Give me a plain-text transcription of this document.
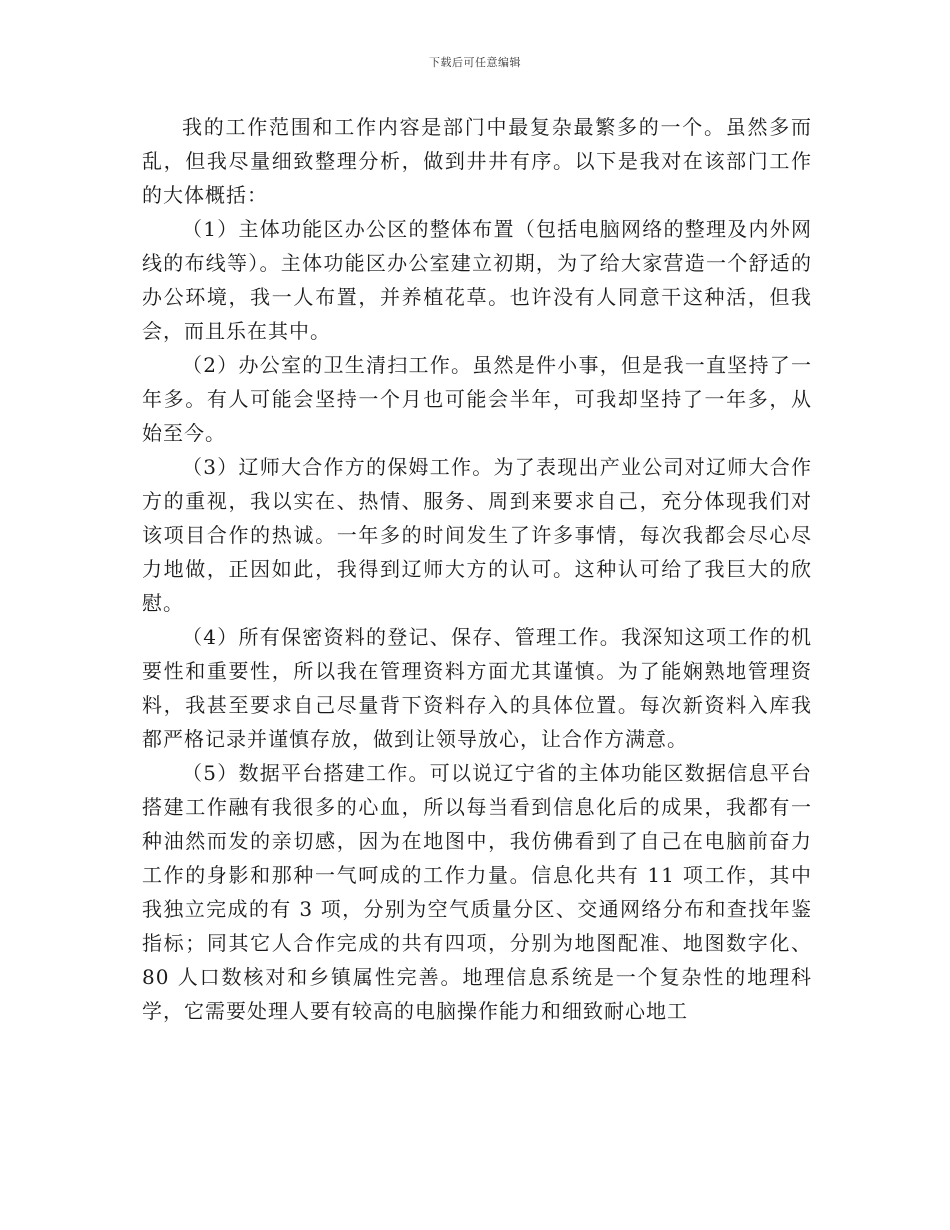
下载后可任意编辑

我的工作范围和工作内容是部门中最复杂最繁多的一个。虽然多而乱，但我尽量细致整理分析，做到井井有序。以下是我对在该部门工作的大体概括：

（1）主体功能区办公区的整体布置（包括电脑网络的整理及内外网线的布线等）。主体功能区办公室建立初期，为了给大家营造一个舒适的办公环境，我一人布置，并养植花草。也许没有人同意干这种活，但我会，而且乐在其中。

（2）办公室的卫生清扫工作。虽然是件小事，但是我一直坚持了一年多。有人可能会坚持一个月也可能会半年，可我却坚持了一年多，从始至今。

（3）辽师大合作方的保姆工作。为了表现出产业公司对辽师大合作方的重视，我以实在、热情、服务、周到来要求自己，充分体现我们对该项目合作的热诚。一年多的时间发生了许多事情，每次我都会尽心尽力地做，正因如此，我得到辽师大方的认可。这种认可给了我巨大的欣慰。

（4）所有保密资料的登记、保存、管理工作。我深知这项工作的机要性和重要性，所以我在管理资料方面尤其谨慎。为了能娴熟地管理资料，我甚至要求自己尽量背下资料存入的具体位置。每次新资料入库我都严格记录并谨慎存放，做到让领导放心，让合作方满意。

（5）数据平台搭建工作。可以说辽宁省的主体功能区数据信息平台搭建工作融有我很多的心血，所以每当看到信息化后的成果，我都有一种油然而发的亲切感，因为在地图中，我仿佛看到了自己在电脑前奋力工作的身影和那种一气呵成的工作力量。信息化共有 11 项工作，其中我独立完成的有 3 项，分别为空气质量分区、交通网络分布和查找年鉴指标；同其它人合作完成的共有四项，分别为地图配准、地图数字化、80 人口数核对和乡镇属性完善。地理信息系统是一个复杂性的地理科学，它需要处理人要有较高的电脑操作能力和细致耐心地工
